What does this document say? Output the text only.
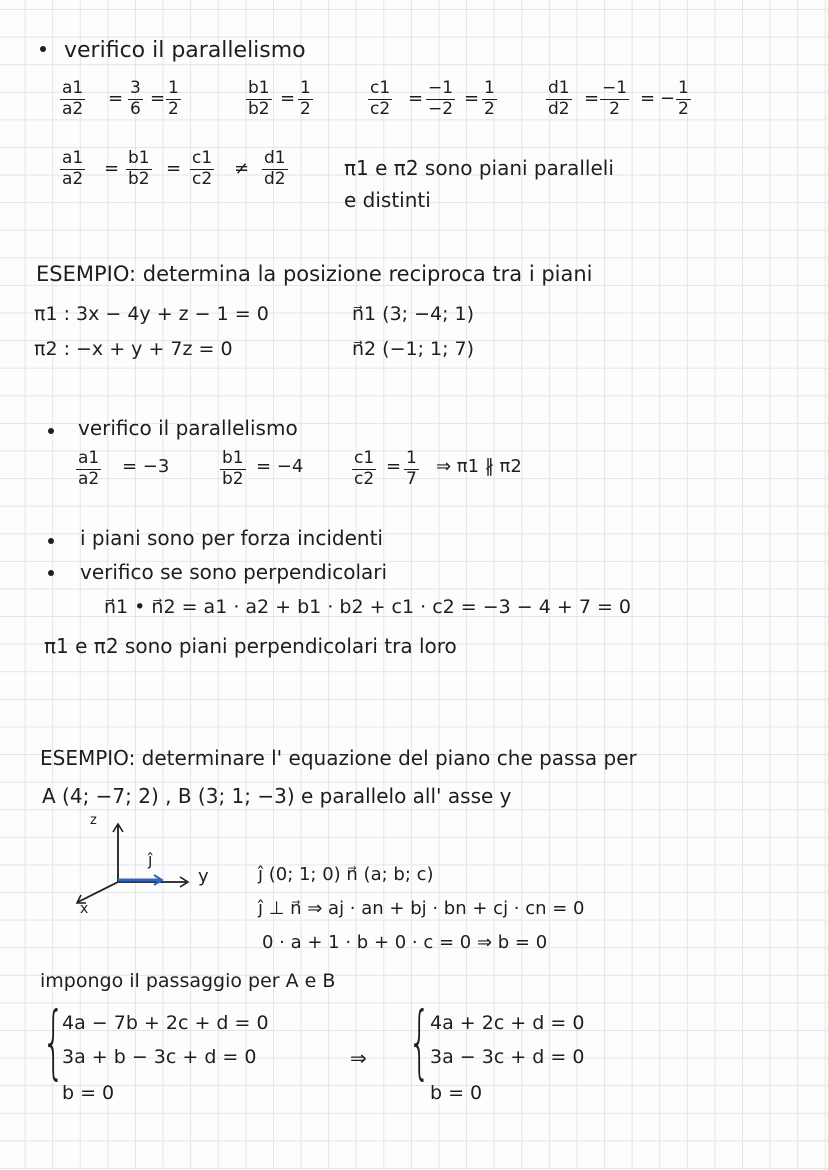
verifico il parallelismo
$\frac{a1}{a2} = \frac{3}{6} = \frac{1}{2}$	$\frac{b1}{b2} = \frac{1}{2}$	$\frac{c1}{c2} = \frac{-1}{-2} = \frac{1}{2}$	$\frac{d1}{d2} = \frac{-1}{2}$ = − $\frac{1}{2}$
$\frac{a1}{a2} = \frac{b1}{b2} = \frac{c1}{c2} \ne \frac{d1}{d2}$	π1 e π2 sono piani paralleli
e distinti
ESEMPIO: determina la posizione reciproca tra i piani
π1 : 3x − 4y + z − 1 = 0	n⃗1 (3; −4; 1)
π2 : −x + y + 7z = 0	n⃗2 (−1; 1; 7)
verifico il parallelismo
$\frac{a1}{a2} = -3$	$\frac{b1}{b2} = -4$	$\frac{c1}{c2} = \frac{1}{7}$ ⇒ π1 ∦ π2
i piani sono per forza incidenti
verifico se sono perpendicolari
n⃗1 • n⃗2 = a1 · a2 + b1 · b2 + c1 · c2 = −3 − 4 + 7 = 0
π1 e π2 sono piani perpendicolari tra loro
ESEMPIO: determinare l' equazione del piano che passa per
A (4; −7; 2) , B (3; 1; −3) e parallelo all' asse y
z
y
x
ĵ
ĵ (0; 1; 0) n⃗ (a; b; c)
ĵ ⊥ n⃗ ⇒ aj · an + bj · bn + cj · cn = 0
0 · a + 1 · b + 0 · c = 0 ⇒ b = 0
impongo il passaggio per A e B
{
4a − 7b + 2c + d = 0
3a + b − 3c + d = 0
b = 0
⇒ { 4a + 2c + d = 0
3a − 3c + d = 0
b = 0
